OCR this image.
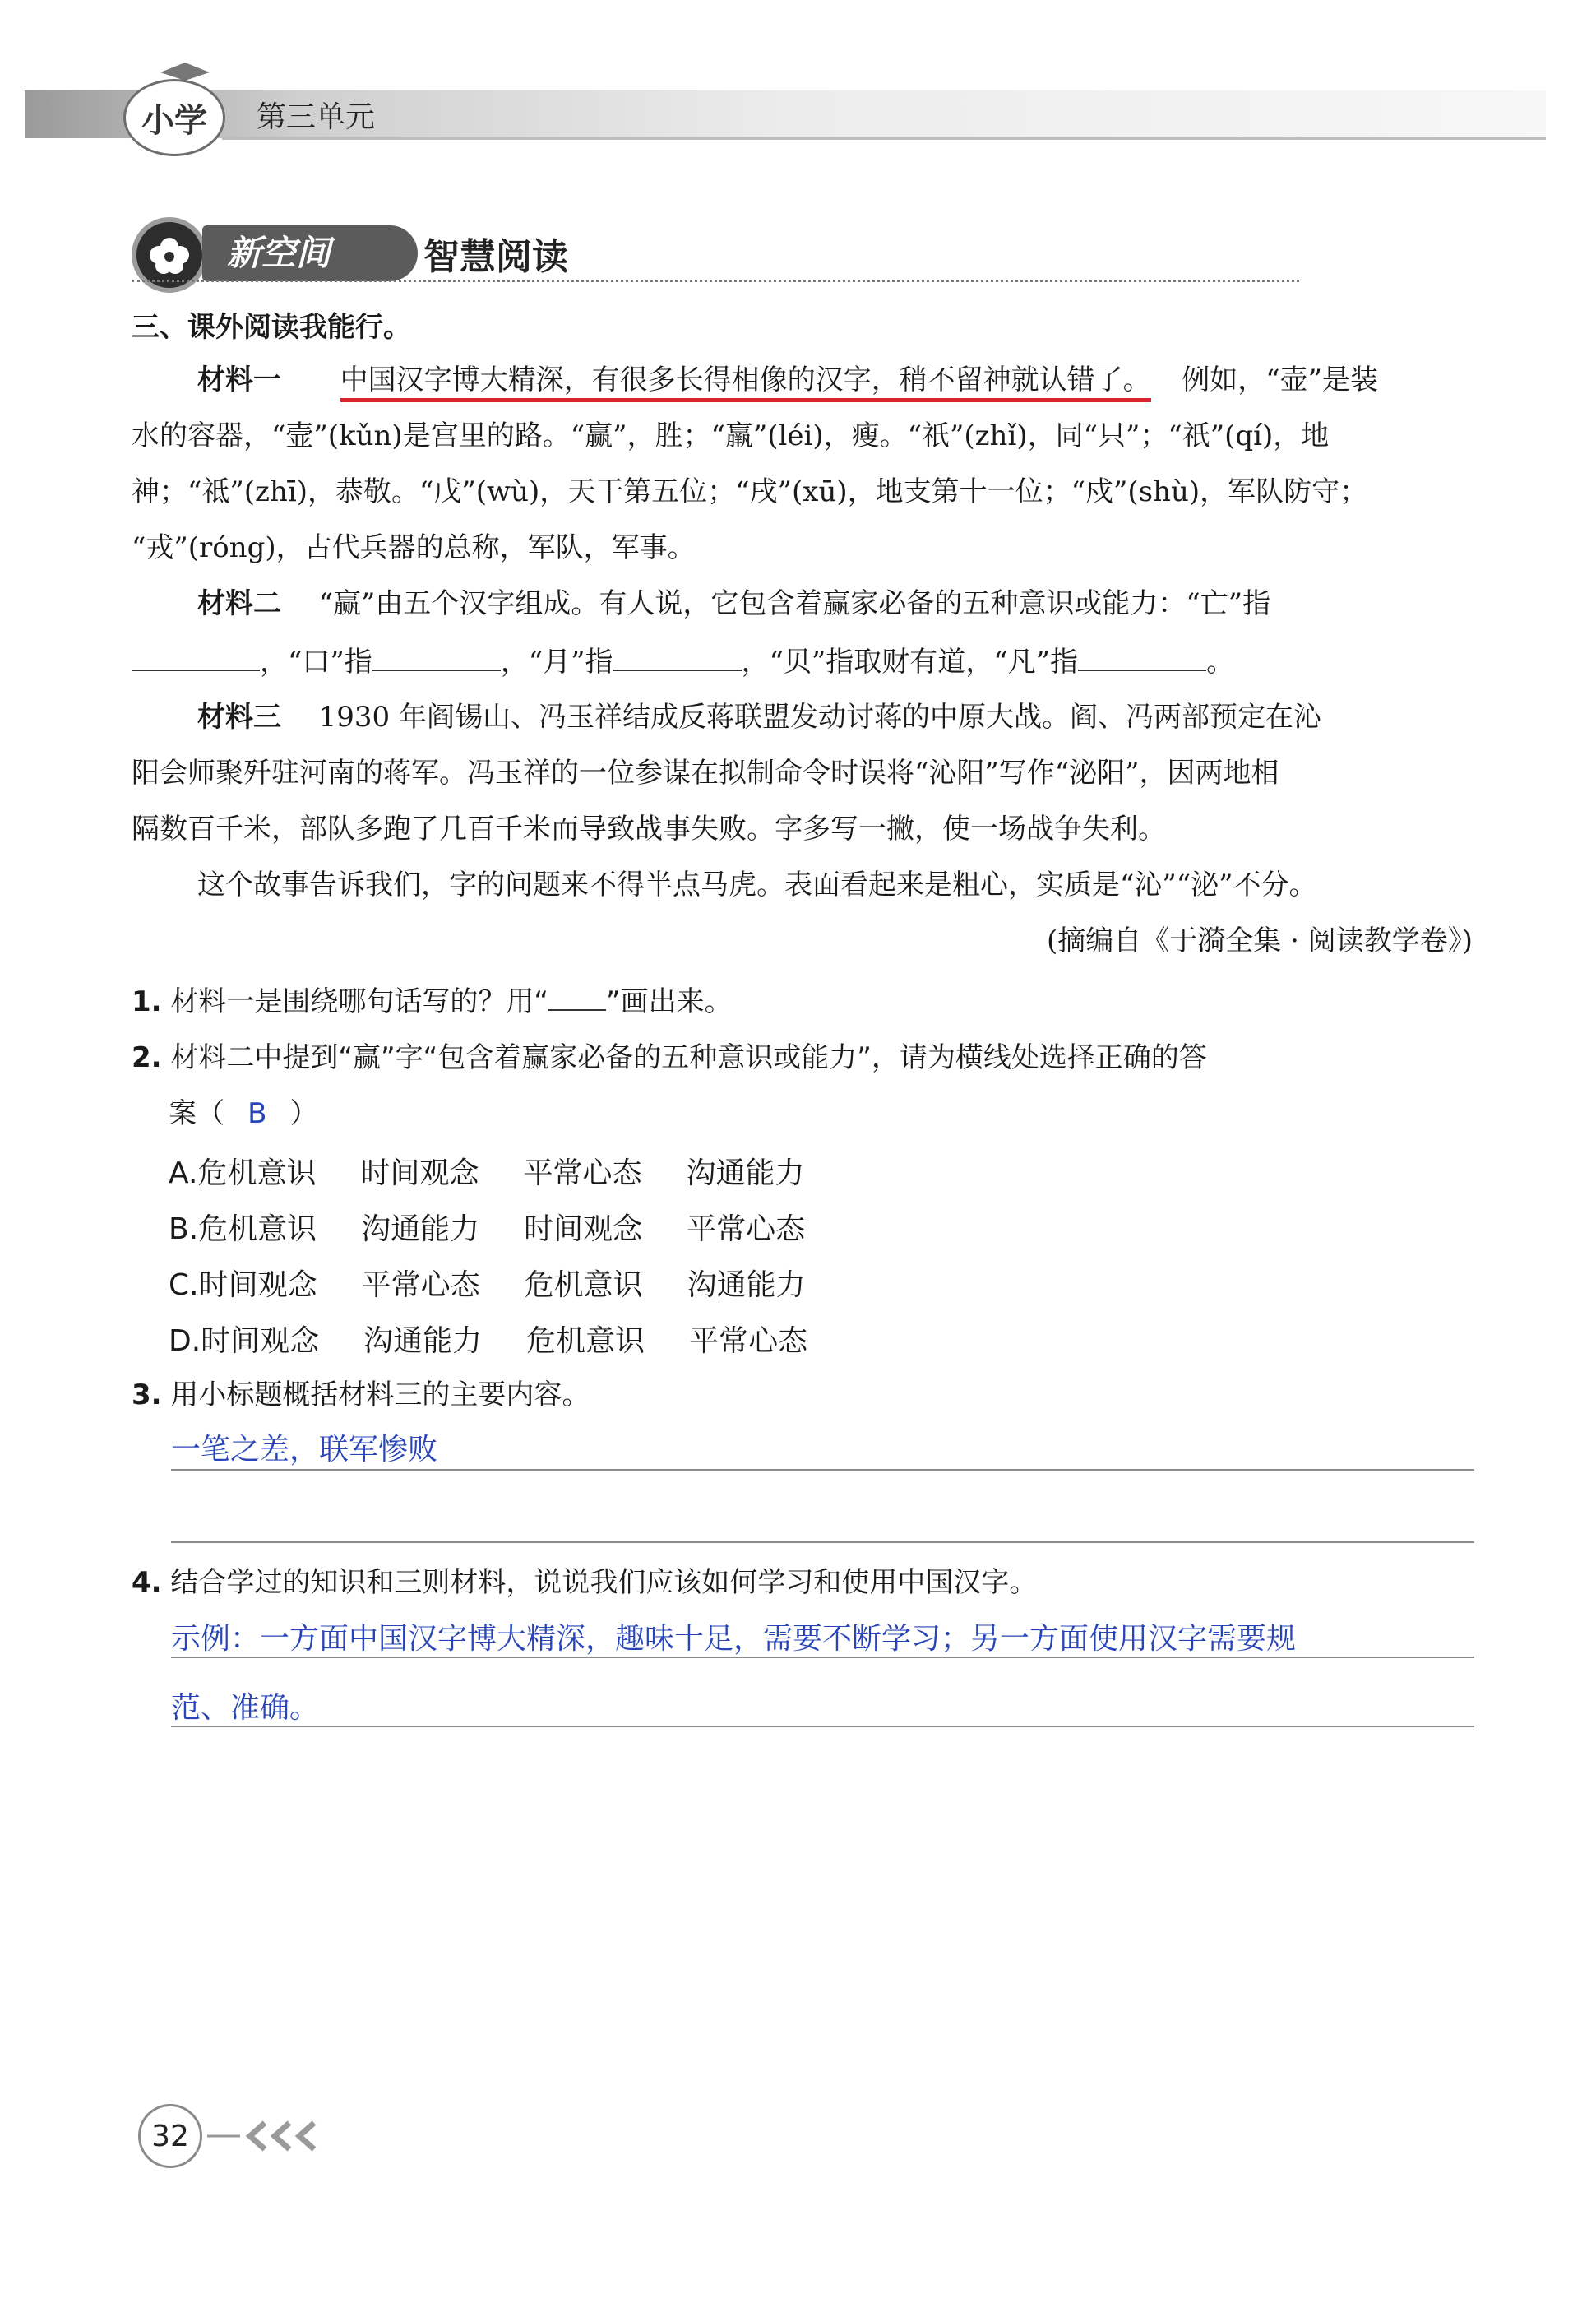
小学 第三单元
新空间	智慧阅读
三、课外阅读我能行。
材料一 中国汉字博大精深，有很多长得相像的汉字，稍不留神就认错了。 例如，“壶”是装
水的容器，“壸”(kǔn)是宫里的路。“赢”，胜；“羸”(léi)，瘦。“祇”(zhǐ)，同“只”；“祇”(qí)，地
神；“祗”(zhī)，恭敬。“戊”(wù)，天干第五位；“戌”(xū)，地支第十一位；“戍”(shù)，军队防守；
“戎”(róng)，古代兵器的总称，军队，军事。
材料二 “赢”由五个汉字组成。有人说，它包含着赢家必备的五种意识或能力：“亡”指
，“口”指	，“月”指	，“贝”指取财有道，“凡”指	。
材料三 1930 年阎锡山、冯玉祥结成反蒋联盟发动讨蒋的中原大战。阎、冯两部预定在沁
阳会师聚歼驻河南的蒋军。冯玉祥的一位参谋在拟制命令时误将“沁阳”写作“泌阳”，因两地相
隔数百千米，部队多跑了几百千米而导致战事失败。字多写一撇，使一场战争失利。
这个故事告诉我们，字的问题来不得半点马虎。表面看起来是粗心，实质是“沁”“泌”不分。
(摘编自《于漪全集 · 阅读教学卷》)
1. 材料一是围绕哪句话写的？用“ ”画出来。
2. 材料二中提到“赢”字“包含着赢家必备的五种意识或能力”，请为横线处选择正确的答
案（ B ）
A.危机意识 时间观念 平常心态 沟通能力
B.危机意识 沟通能力 时间观念 平常心态
C.时间观念 平常心态 危机意识 沟通能力
D.时间观念 沟通能力 危机意识 平常心态
3. 用小标题概括材料三的主要内容。
一笔之差，联军惨败
4. 结合学过的知识和三则材料，说说我们应该如何学习和使用中国汉字。
示例：一方面中国汉字博大精深，趣味十足，需要不断学习；另一方面使用汉字需要规
范、准确。
32
